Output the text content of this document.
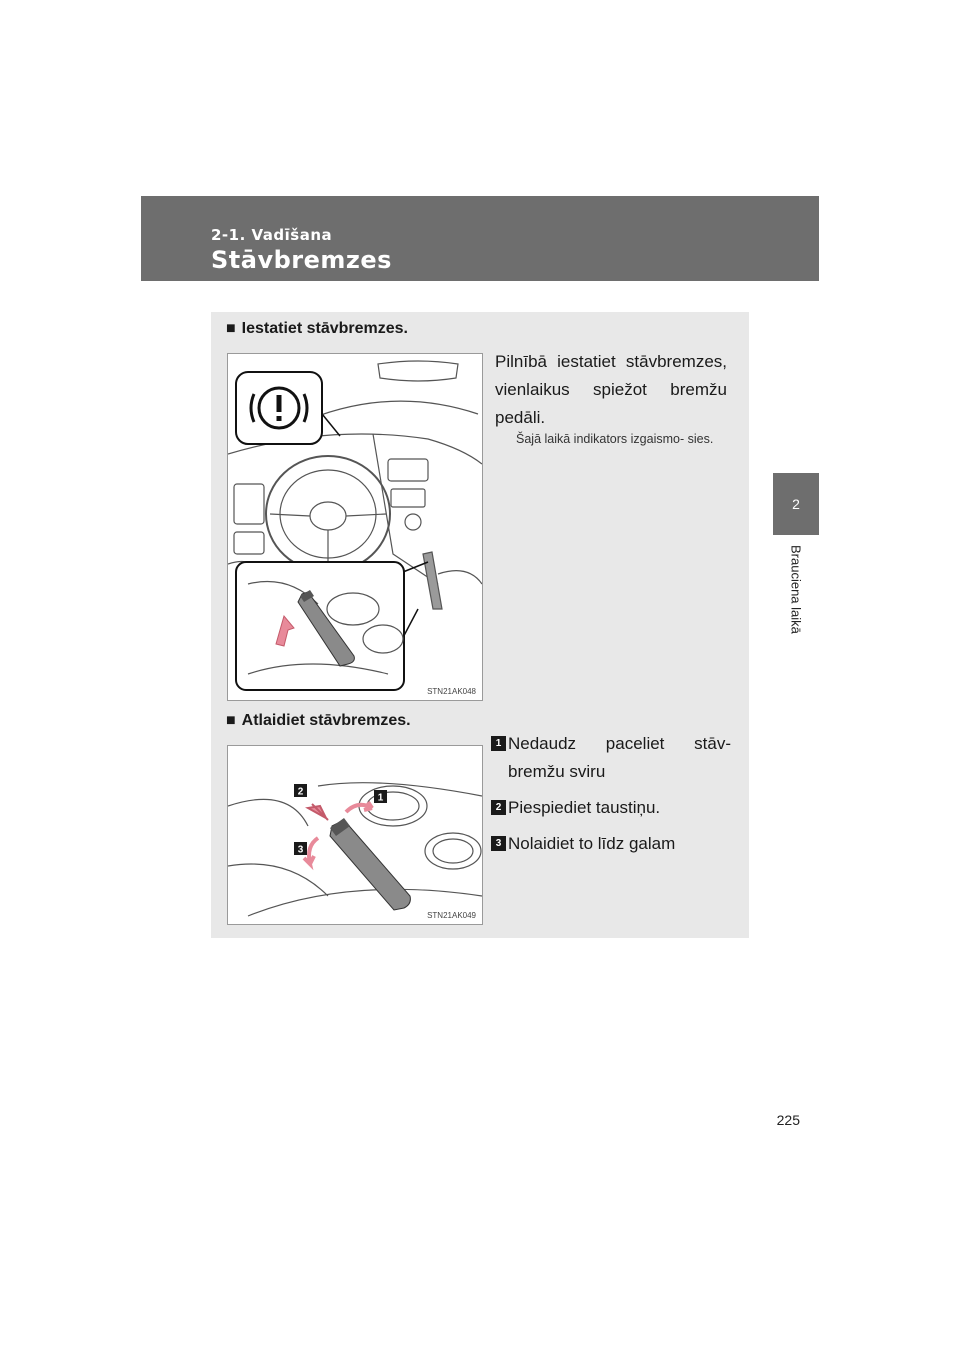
2-1. Vadīšana
Stāvbremzes
2
Brauciena laikā
■ Iestatiet stāvbremzes.
STN21AK048
Pilnībā iestatiet stāvbremzes, vienlaikus spiežot bremžu pedāli.
Šajā laikā indikators izgaismo- sies.
■ Atlaidiet stāvbremzes.
2
1
3
STN21AK049
1 Nedaudz paceliet stāv- bremžu sviru
2 Piespiediet taustiņu.
3 Nolaidiet to līdz galam
225
